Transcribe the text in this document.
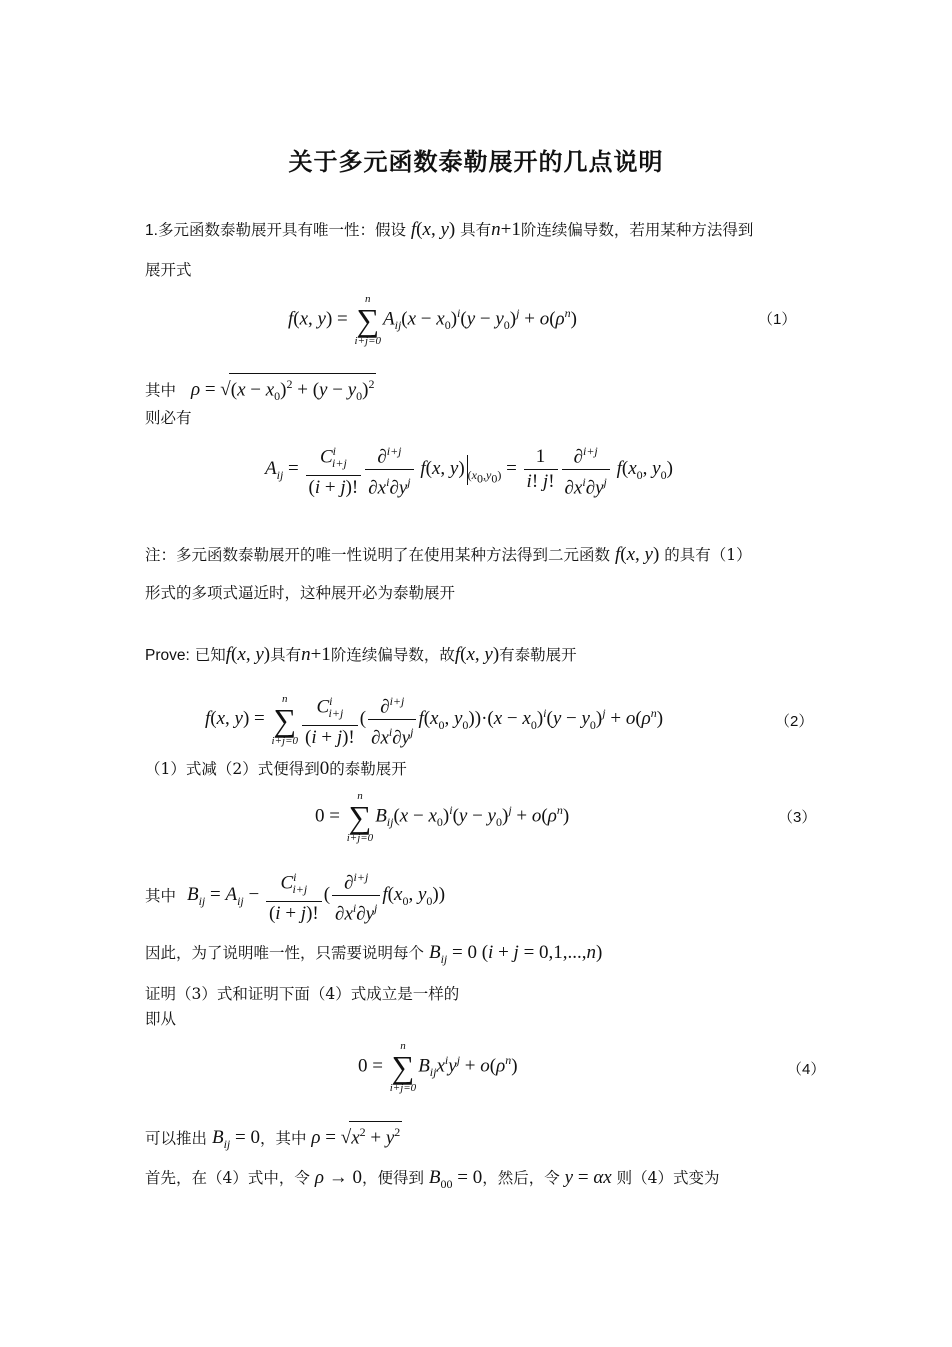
关于多元函数泰勒展开的几点说明
1.多元函数泰勒展开具有唯一性：假设 f(x, y) 具有n+1阶连续偏导数，若用某种方法得到
展开式
f(x, y) =
n
∑
i+j=0
$A_{ij}(x - x_0)^i(y - y_0)^j + o(\rho^n)$	（1）
其中 $\rho = √(x - x_0)^2 + (y - y_0)^2$
则必有
$A_{ij} = \frac{C^i_{i+j}}{(i + j)!} \frac{\partial^{i+j}}{\partial x^i\partial y^j} f(x$, y) $_{(x_0,y_0)} = \frac{1}{i! j!} \frac{\partial^{i+j}}{\partial x^i\partial y^j} f(x_0$, $y_0$)
注：多元函数泰勒展开的唯一性说明了在使用某种方法得到二元函数 f(x, y) 的具有（1）
形式的多项式逼近时，这种展开必为泰勒展开
Prove: 已知f(x, y)具有n+1阶连续偏导数，故f(x, y)有泰勒展开
f(x, y) =
n
∑
$i+j=0 \frac{C^i_{i+j}}{(i + j)!}$ ( $\frac{\partial^{i+j}}{\partial x^i\partial y^j} f(x_0$, $y_0))\cdot(x - x_0)^i(y - y_0)^j + o(\rho^n)$	（2）
（1）式减（2）式便得到0的泰勒展开
0 =
n
∑
i+j=0
$B_{ij}(x - x_0)^i(y - y_0)^j + o(\rho^n)$	（3）
其中 $B_{ij} = A_{ij} - \frac{C^i_{i+j}}{(i + j)!}$ ( $\frac{\partial^{i+j}}{\partial x^i\partial y^j} f(x_0$, $y_0$))
因此，为了说明唯一性，只需要说明每个 $B_{ij} = 0$ (i + j = 0,1,...,n)
证明（3）式和证明下面（4）式成立是一样的
即从
0 =
n
∑
i+j=0
$B_{ij}x^iy^j + o(\rho^n)$	（4）
可以推出 $B_{ij} = 0$，其中 $\rho = √x^2 + y^2$
首先，在（4）式中，令 ρ → 0，便得到 $B_{00} = 0$，然后，令 y = αx 则（4）式变为
